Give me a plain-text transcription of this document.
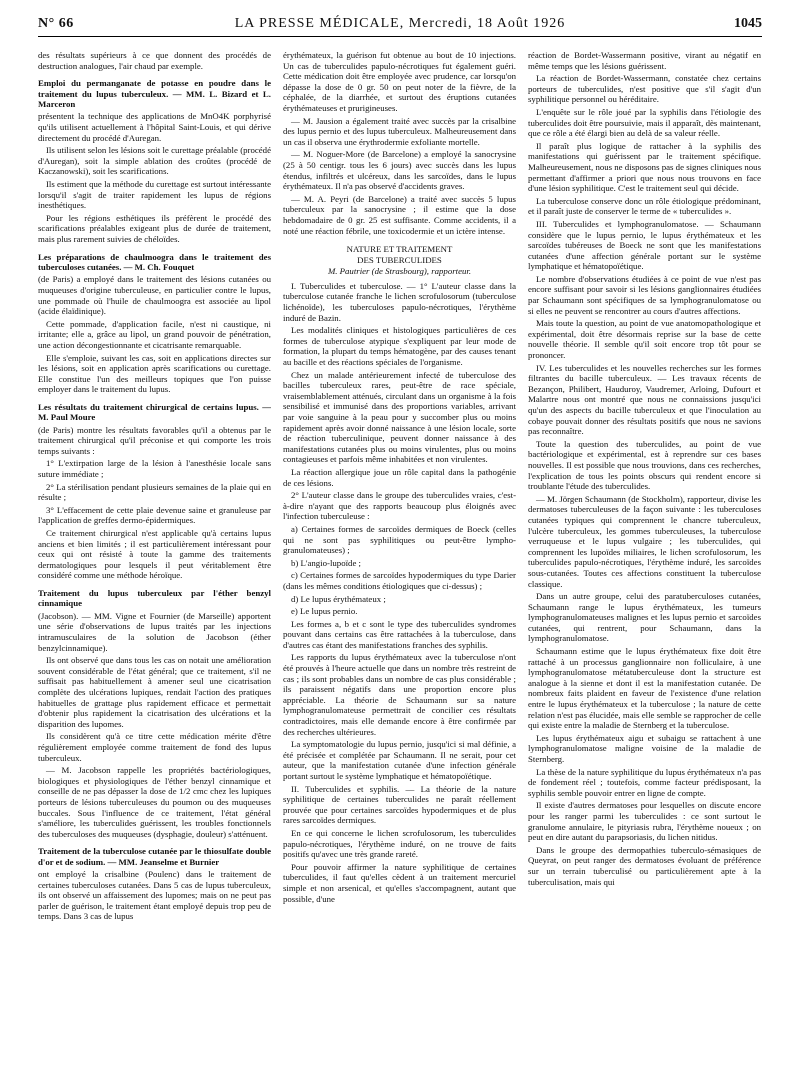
N° 66	LA PRESSE MÉDICALE, Mercredi, 18 Août 1926	1045

des résultats supérieurs à ce que donnent des procédés de destruction analogues, l'air chaud par exemple.

Emploi du permanganate de potasse en poudre dans le traitement du lupus tuberculeux. — MM. L. Bizard et L. Marceron

présentent la technique des applications de MnO4K porphyrisé qu'ils utilisent actuellement à l'hôpital Saint-Louis, et qui dérive directement du procédé d'Auregan.

Ils utilisent selon les lésions soit le curettage préalable (procédé d'Auregan), soit la simple ablation des croûtes (procédé de Kaczanowski), soit les scarifications.

Ils estiment que la méthode du curettage est surtout intéressante lorsqu'il s'agit de traiter rapidement les lupus de régions inesthétiques.

Pour les régions esthétiques ils préfèrent le procédé des scarifications préalables exigeant plus de durée de traitement, mais plus rarement suivies de chéloïdes.

Les préparations de chaulmoogra dans le traitement des tuberculoses cutanées. — M. Ch. Fouquet

(de Paris) a employé dans le traitement des lésions cutanées ou muqueuses d'origine tuberculeuse, en particulier contre le lupus, une pommade où l'huile de chaulmoogra est associée au lipol (acide élaïdinique).

Cette pommade, d'application facile, n'est ni caustique, ni irritante; elle a, grâce au lipol, un grand pouvoir de pénétration, une action décongestionnante et cicatrisante remarquable.

Elle s'emploie, suivant les cas, soit en applications directes sur les lésions, soit en application après scarifications ou curettage. Elle constitue l'un des meilleurs topiques que l'on puisse employer dans le traitement du lupus.

Les résultats du traitement chirurgical de certains lupus. — M. Paul Moure

(de Paris) montre les résultats favorables qu'il a obtenus par le traitement chirurgical qu'il préconise et qui comporte les trois temps suivants :

1° L'extirpation large de la lésion à l'anesthésie locale sans suture immédiate ;

2° La stérilisation pendant plusieurs semaines de la plaie qui en résulte ;

3° L'effacement de cette plaie devenue saine et granuleuse par l'application de greffes dermo-épidermiques.

Ce traitement chirurgical n'est applicable qu'à certains lupus anciens et bien limités ; il est particulièrement intéressant pour ceux qui ont résisté à toute la gamme des traitements dermatologiques pour lesquels il peut véritablement être considéré comme une méthode héroïque.

Traitement du lupus tuberculeux par l'éther benzyl cinnamique

(Jacobson). — MM. Vigne et Fournier (de Marseille) apportent une série d'observations de lupus traités par les injections intramusculaires de la solution de Jacobson (éther benzylcinnamique).

Ils ont observé que dans tous les cas on notait une amélioration souvent considérable de l'état général; que ce traitement, s'il ne suffisait pas habituellement à amener seul une cicatrisation complète des ulcérations lupiques, rendait l'action des pratiques habituelles de grattage plus rapidement efficace et permettait d'obtenir plus rapidement la cicatrisation des ulcérations et la disparition des lupomes.

Ils considèrent qu'à ce titre cette médication mérite d'être régulièrement employée comme traitement de fond des lupus tuberculeux.

— M. Jacobson rappelle les propriétés bactériologiques, biologiques et physiologiques de l'éther benzyl cinnamique et conseille de ne pas dépasser la dose de 1/2 cmc chez les lupiques porteurs de lésions tuberculeuses du poumon ou des muqueuses buccales. Sous l'influence de ce traitement, l'état général s'améliore, les tuberculides guérissent, les troubles fonctionnels des tuberculoses des muqueuses (dysphagie, douleur) s'atténuent.

Traitement de la tuberculose cutanée par le thiosulfate double d'or et de sodium. — MM. Jeanselme et Burnier

ont employé la crisalbine (Poulenc) dans le traitement de certaines tuberculoses cutanées. Dans 5 cas de lupus tuberculeux, ils ont observé un affaissement des lupomes; mais on ne peut pas parler de guérison, le traitement étant employé depuis trop peu de temps. Dans 3 cas de lupus

érythémateux, la guérison fut obtenue au bout de 10 injections. Un cas de tuberculides papulo-nécrotiques fut également guéri. Cette médication doit être employée avec prudence, car lorsqu'on dépasse la dose de 0 gr. 50 on peut noter de la fièvre, de la céphalée, de la diarrhée, et surtout des éruptions cutanées érythémateuses et prurigineuses.

— M. Jausion a également traité avec succès par la crisalbine des lupus pernio et des lupus tuberculeux. Malheureusement dans un cas il observa une érythrodermie exfoliante mortelle.

— M. Noguer-More (de Barcelone) a employé la sanocrysine (25 à 50 centigr. tous les 6 jours) avec succès dans les lupus étendus, infiltrés et ulcéreux, dans les sarcoïdes, dans le lupus érythémateux. Il n'a pas observé d'accidents graves.

— M. A. Peyri (de Barcelone) a traité avec succès 5 lupus tuberculeux par la sanocrysine ; il estime que la dose hebdomadaire de 0 gr. 25 est suffisante. Comme accidents, il a noté une réaction fébrile, une toxicodermie et un ictère intense.

NATURE ET TRAITEMENT

DES TUBERCULIDES

M. Pautrier (de Strasbourg), rapporteur.

I. Tuberculides et tuberculose. — 1° L'auteur classe dans la tuberculose cutanée franche le lichen scrofulosorum (tuberculose lichénoïde), les tuberculoses papulo-nécrotiques, l'érythème induré de Bazin.

Les modalités cliniques et histologiques particulières de ces formes de tuberculose atypique s'expliquent par leur mode de formation, la plupart du temps hématogène, par des causes tenant au bacille et des réactions spéciales de l'organisme.

Chez un malade antérieurement infecté de tuberculose des bacilles tuberculeux rares, peut-être de race spéciale, vraisemblablement atténués, circulant dans un organisme à la fois sensibilisé et immunisé dans des proportions variables, arrivant par voie sanguine à la peau pour y succomber plus ou moins rapidement après avoir donné naissance à une lésion locale, sorte de réaction tuberculinique, peuvent donner naissance à des manifestations cutanées plus ou moins virulentes, plus ou moins contagieuses et parfois même inhabitées et non virulentes.

La réaction allergique joue un rôle capital dans la pathogénie de ces lésions.

2° L'auteur classe dans le groupe des tuberculides vraies, c'est-à-dire n'ayant que des rapports beaucoup plus éloignés avec l'infection tuberculeuse :

a) Certaines formes de sarcoïdes dermiques de Boeck (celles qui ne sont pas syphilitiques ou peut-être lympho-granulomateuses) ;

b) L'angio-lupoïde ;

c) Certaines formes de sarcoïdes hypodermiques du type Darier (dans les mêmes conditions étiologiques que ci-dessus) ;

d) Le lupus érythémateux ;

e) Le lupus pernio.

Les formes a, b et c sont le type des tuberculides syndromes pouvant dans certains cas être rattachées à la tuberculose, dans d'autres cas étant des manifestations franches des syphilis.

Les rapports du lupus érythémateux avec la tuberculose n'ont été prouvés à l'heure actuelle que dans un nombre très restreint de cas ; ils sont probables dans un nombre de cas plus considérable ; ils paraissent négatifs dans une proportion encore plus appréciable. La théorie de Schaumann sur sa nature lymphogranulomateuse permettrait de concilier ces résultats contradictoires, mais elle demande encore à être confirmée par des recherches ultérieures.

La symptomatologie du lupus pernio, jusqu'ici si mal définie, a été précisée et complétée par Schaumann. Il ne serait, pour cet auteur, que la manifestation cutanée d'une infection générale portant surtout le système lymphatique et hématopoïétique.

II. Tuberculides et syphilis. — La théorie de la nature syphilitique de certaines tuberculides ne paraît réellement prouvée que pour certaines sarcoïdes hypodermiques et de plus rares sarcoïdes dermiques.

En ce qui concerne le lichen scrofulosorum, les tuberculides papulo-nécrotiques, l'érythème induré, on ne trouve de faits positifs qu'avec une très grande rareté.

Pour pouvoir affirmer la nature syphilitique de certaines tuberculides, il faut qu'elles cèdent à un traitement mercuriel simple et non arsenical, et qu'elles s'accompagnent, autant que possible, d'une

réaction de Bordet-Wassermann positive, virant au négatif en même temps que les lésions guérissent.

La réaction de Bordet-Wassermann, constatée chez certains porteurs de tuberculides, n'est positive que s'il s'agit d'un syphilitique personnel ou héréditaire.

L'enquête sur le rôle joué par la syphilis dans l'étiologie des tuberculides doit être poursuivie, mais il apparaît, dès maintenant, que ce rôle a été élargi bien au delà de sa valeur réelle.

Il paraît plus logique de rattacher à la syphilis des manifestations qui guérissent par le traitement spécifique. Malheureusement, nous ne disposons pas de signes cliniques nous permettant d'affirmer a priori que nous nous trouvons en face d'une lésion syphilitique. C'est le traitement seul qui décide.

La tuberculose conserve donc un rôle étiologique prédominant, et il paraît juste de conserver le terme de « tuberculides ».

III. Tuberculides et lymphogranulomatose. — Schaumann considère que le lupus pernio, le lupus érythémateux et les sarcoïdes tubéreuses de Boeck ne sont que les manifestations cutanées d'une affection générale portant sur le système lymphatique et hématopoïétique.

Le nombre d'observations étudiées à ce point de vue n'est pas encore suffisant pour savoir si les lésions ganglionnaires étudiées par Schaumann sont spécifiques de sa lymphogranulomatose ou si elles ne peuvent se rencontrer au cours d'autres affections.

Mais toute la question, au point de vue anatomopathologique et expérimental, doit être désormais reprise sur la base de cette nouvelle théorie. Il semble qu'il soit encore trop tôt pour se prononcer.

IV. Les tuberculides et les nouvelles recherches sur les formes filtrantes du bacille tuberculeux. — Les travaux récents de Bezançon, Philibert, Hauduroy, Vaudremer, Arloing, Dufourt et Malartre nous ont montré que nous ne connaissions jusqu'ici qu'un des aspects du bacille tuberculeux et que l'inoculation au cobaye pouvait donner des résultats positifs que nous ne savions pas reconnaître.

Toute la question des tuberculides, au point de vue bactériologique et expérimental, est à reprendre sur ces bases nouvelles. Il est possible que nous trouvions, dans ces recherches, l'explication de tous les points obscurs qui rendent encore si troublante l'étude des tuberculides.

— M. Jörgen Schaumann (de Stockholm), rapporteur, divise les dermatoses tuberculeuses de la façon suivante : les tuberculoses cutanées typiques qui comprennent le chancre tuberculeux, l'ulcère tuberculeux, les gommes tuberculeuses, la tuberculose verruqueuse et le lupus vulgaire ; les tuberculides, qui comprennent les lupoïdes miliaires, le lichen scrofulosorum, les tuberculides papulo-nécrotiques, l'érythème induré, les sarcoïdes sous-cutanées. Toutes ces affections constituent la tuberculose classique.

Dans un autre groupe, celui des paratuberculoses cutanées, Schaumann range le lupus érythémateux, les tumeurs lymphogranulomateuses malignes et les lupus pernio et sarcoïdes cutanées, qui rentrent, pour Schaumann, dans la lymphogranulomatose.

Schaumann estime que le lupus érythémateux fixe doit être rattaché à un processus ganglionnaire non folliculaire, à une lymphogranulomatose métatuberculeuse dont la structure est analogue à la sienne et dont il est la manifestation cutanée. De nombreux faits plaident en faveur de l'existence d'une relation entre le lupus érythémateux et la tuberculose ; la nature de cette relation n'est pas élucidée, mais elle semble se rapprocher de celle qui existe entre la maladie de Sternberg et la tuberculose.

Les lupus érythémateux aigu et subaigu se rattachent à une lymphogranulomatose maligne voisine de la maladie de Sternberg.

La thèse de la nature syphilitique du lupus érythémateux n'a pas de fondement réel ; toutefois, comme facteur prédisposant, la syphilis semble pouvoir entrer en ligne de compte.

Il existe d'autres dermatoses pour lesquelles on discute encore pour les ranger parmi les tuberculides : ce sont surtout le granulome annulaire, le pityriasis rubra, l'érythème noueux ; on peut en dire autant du parapsoriasis, du lichen nitidus.

Dans le groupe des dermopathies tuberculo-sémasiques de Queyrat, on peut ranger des dermatoses évoluant de préférence sur un terrain tuberculisé ou particulièrement apte à la tuberculisation, mais qui
